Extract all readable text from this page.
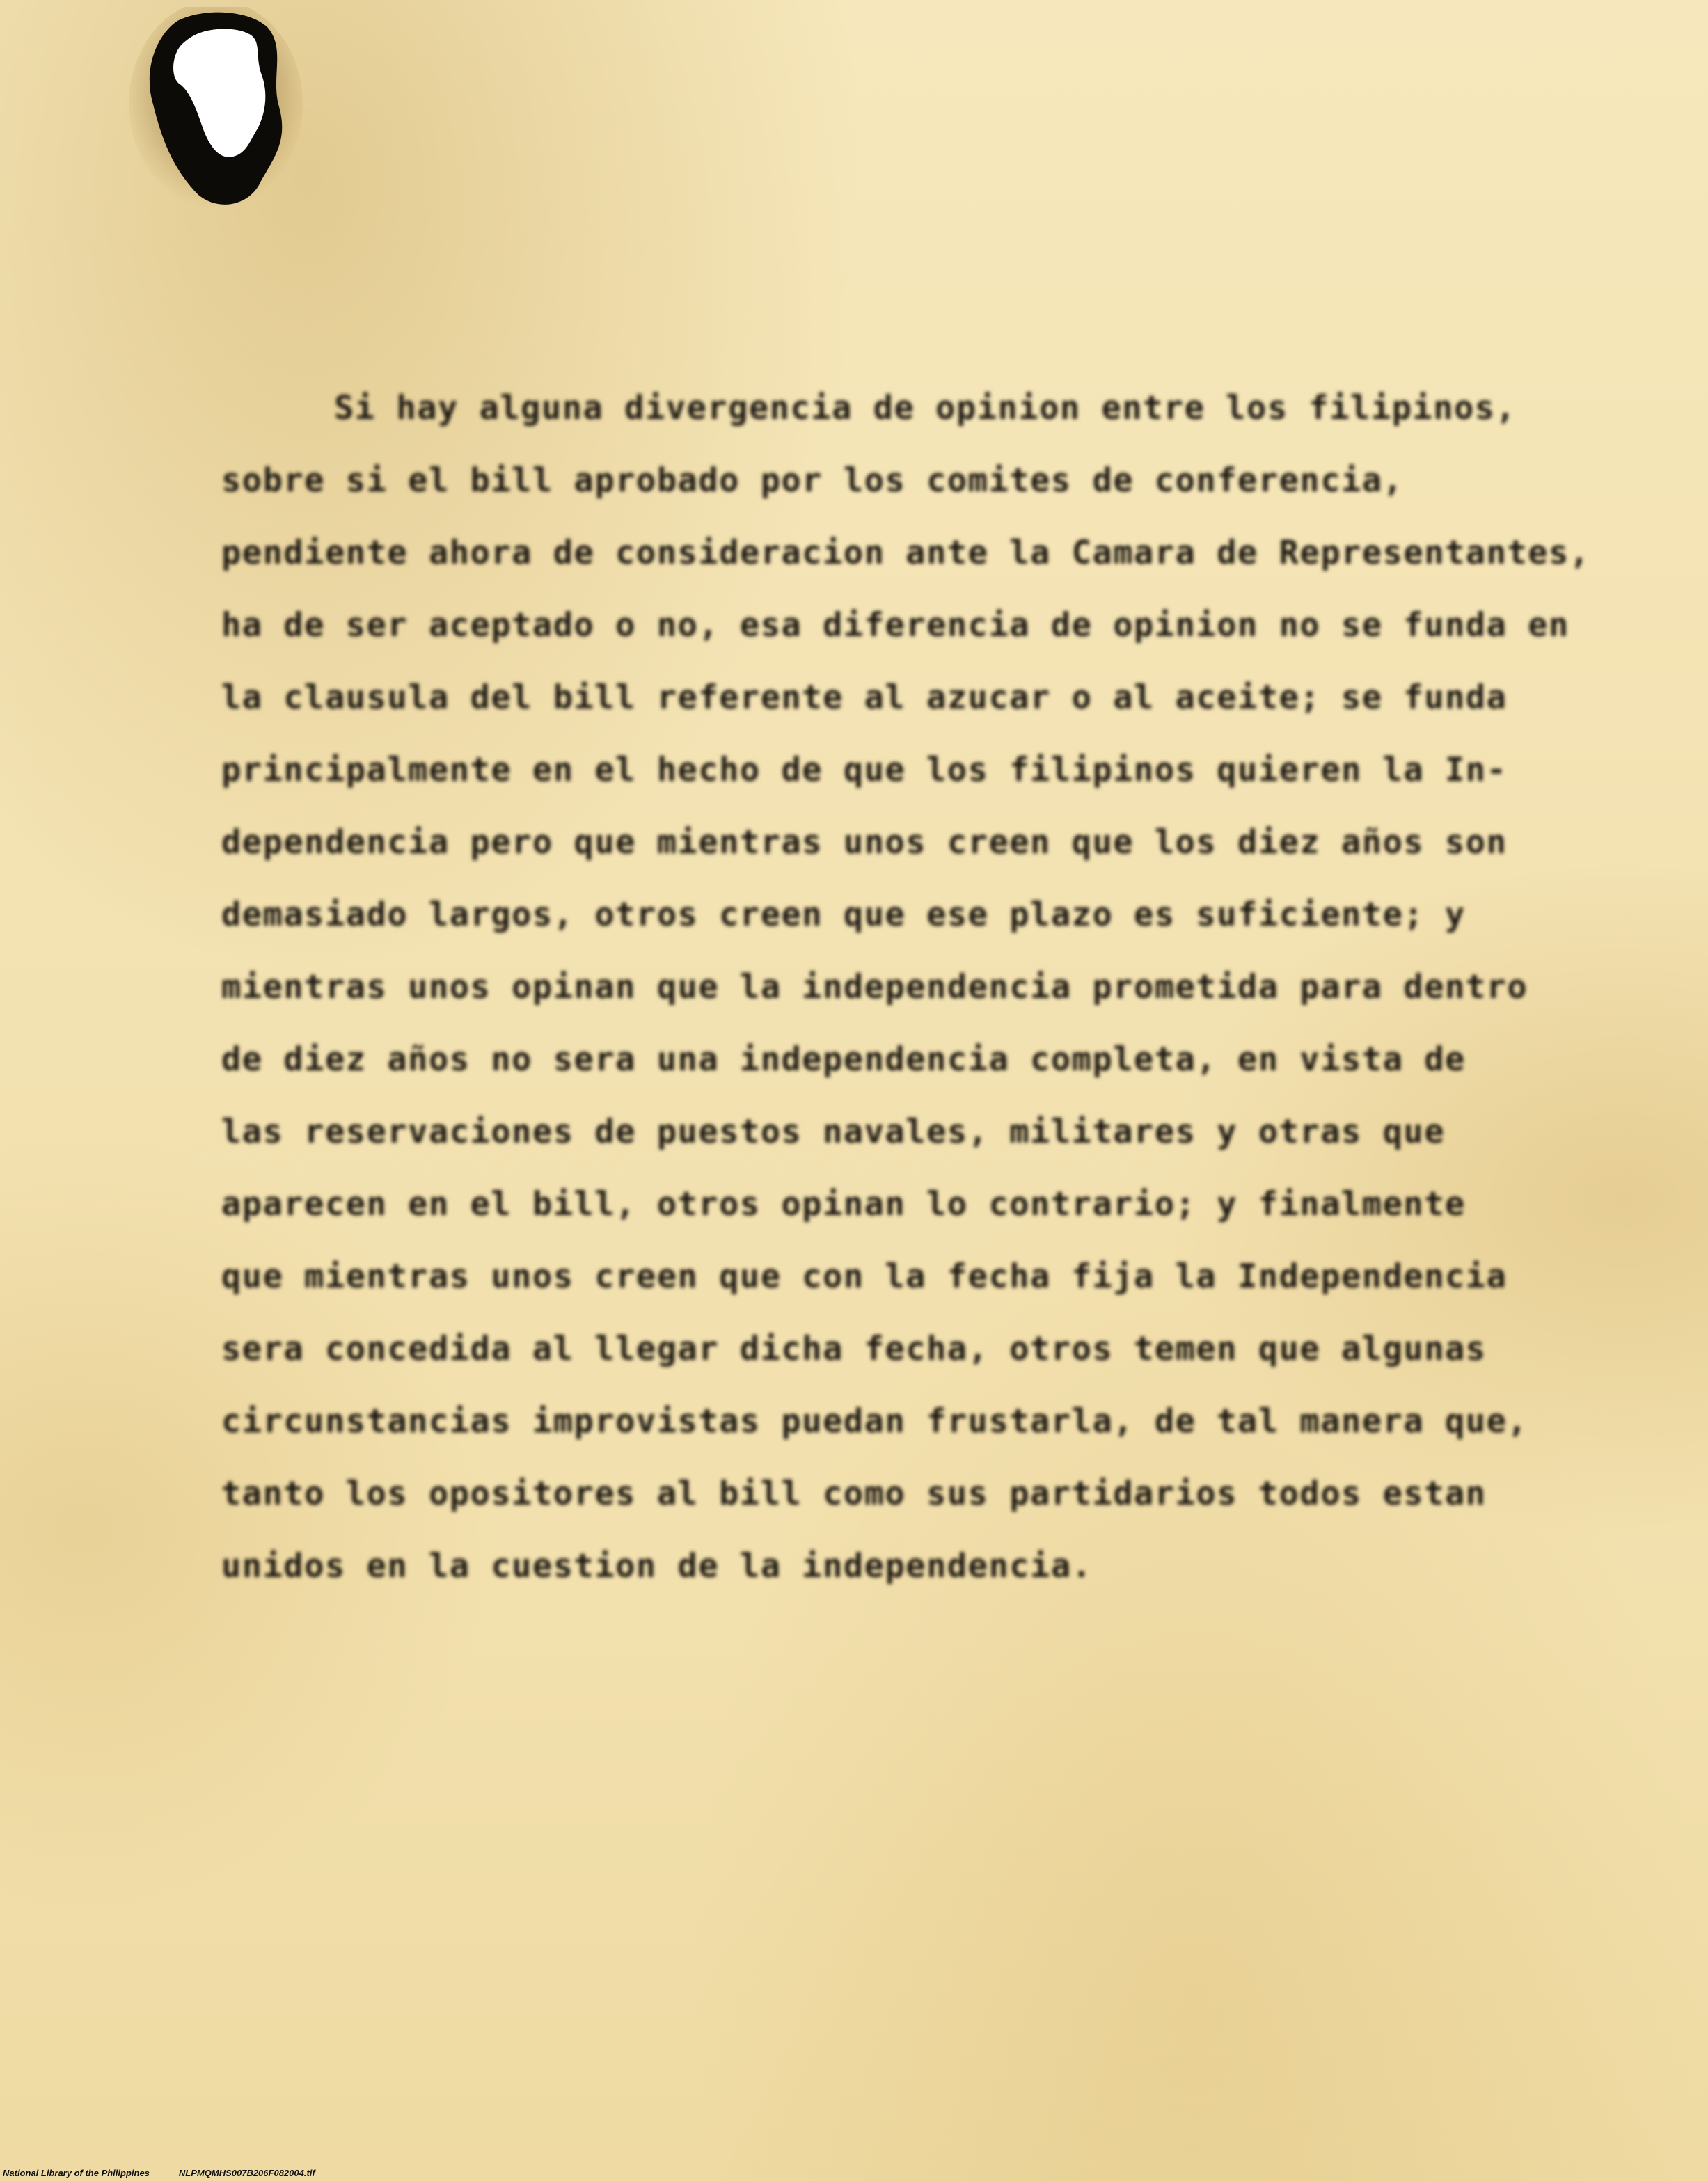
Si hay alguna divergencia de opinion entre los filipinos,
sobre si el bill aprobado por los comites de conferencia,
pendiente ahora de consideracion ante la Camara de Representantes,
ha de ser aceptado o no, esa diferencia de opinion no se funda en
la clausula del bill referente al azucar o al aceite; se funda
principalmente en el hecho de que los filipinos quieren la In-
dependencia pero que mientras unos creen que los diez años son
demasiado largos, otros creen que ese plazo es suficiente; y
mientras unos opinan que la independencia prometida para dentro
de diez años no sera una independencia completa, en vista de
las reservaciones de puestos navales, militares y otras que
aparecen en el bill, otros opinan lo contrario; y finalmente
que mientras unos creen que con la fecha fija la Independencia
sera concedida al llegar dicha fecha, otros temen que algunas
circunstancias improvistas puedan frustarla, de tal manera que,
tanto los opositores al bill como sus partidarios todos estan
unidos en la cuestion de la independencia.
National Library of the Philippines	NLPMQMHS007B206F082004.tif
